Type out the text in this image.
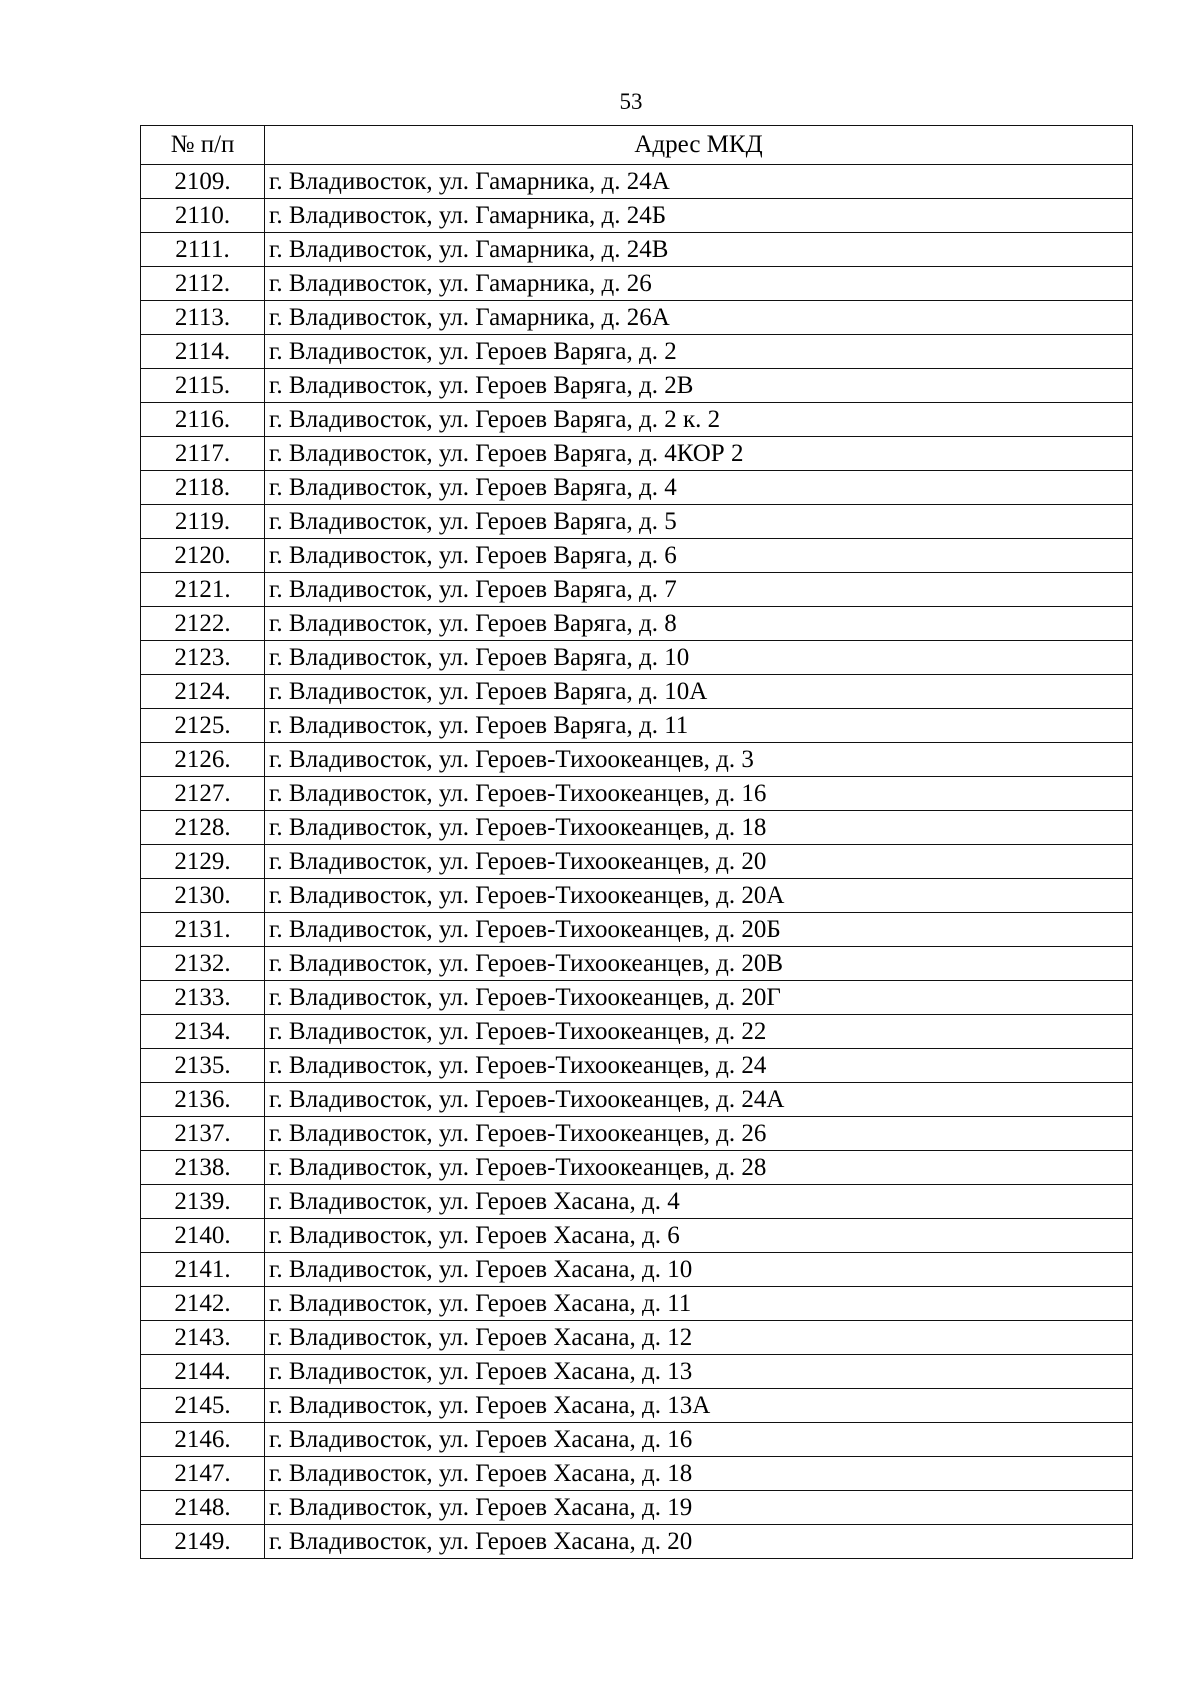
53
№ п/п	Адрес МКД
2109.	г. Владивосток, ул. Гамарника, д. 24А
2110.	г. Владивосток, ул. Гамарника, д. 24Б
2111.	г. Владивосток, ул. Гамарника, д. 24В
2112.	г. Владивосток, ул. Гамарника, д. 26
2113.	г. Владивосток, ул. Гамарника, д. 26А
2114.	г. Владивосток, ул. Героев Варяга, д. 2
2115.	г. Владивосток, ул. Героев Варяга, д. 2В
2116.	г. Владивосток, ул. Героев Варяга, д. 2 к. 2
2117.	г. Владивосток, ул. Героев Варяга, д. 4КОР 2
2118.	г. Владивосток, ул. Героев Варяга, д. 4
2119.	г. Владивосток, ул. Героев Варяга, д. 5
2120.	г. Владивосток, ул. Героев Варяга, д. 6
2121.	г. Владивосток, ул. Героев Варяга, д. 7
2122.	г. Владивосток, ул. Героев Варяга, д. 8
2123.	г. Владивосток, ул. Героев Варяга, д. 10
2124.	г. Владивосток, ул. Героев Варяга, д. 10А
2125.	г. Владивосток, ул. Героев Варяга, д. 11
2126.	г. Владивосток, ул. Героев-Тихоокеанцев, д. 3
2127.	г. Владивосток, ул. Героев-Тихоокеанцев, д. 16
2128.	г. Владивосток, ул. Героев-Тихоокеанцев, д. 18
2129.	г. Владивосток, ул. Героев-Тихоокеанцев, д. 20
2130.	г. Владивосток, ул. Героев-Тихоокеанцев, д. 20А
2131.	г. Владивосток, ул. Героев-Тихоокеанцев, д. 20Б
2132.	г. Владивосток, ул. Героев-Тихоокеанцев, д. 20В
2133.	г. Владивосток, ул. Героев-Тихоокеанцев, д. 20Г
2134.	г. Владивосток, ул. Героев-Тихоокеанцев, д. 22
2135.	г. Владивосток, ул. Героев-Тихоокеанцев, д. 24
2136.	г. Владивосток, ул. Героев-Тихоокеанцев, д. 24А
2137.	г. Владивосток, ул. Героев-Тихоокеанцев, д. 26
2138.	г. Владивосток, ул. Героев-Тихоокеанцев, д. 28
2139.	г. Владивосток, ул. Героев Хасана, д. 4
2140.	г. Владивосток, ул. Героев Хасана, д. 6
2141.	г. Владивосток, ул. Героев Хасана, д. 10
2142.	г. Владивосток, ул. Героев Хасана, д. 11
2143.	г. Владивосток, ул. Героев Хасана, д. 12
2144.	г. Владивосток, ул. Героев Хасана, д. 13
2145.	г. Владивосток, ул. Героев Хасана, д. 13А
2146.	г. Владивосток, ул. Героев Хасана, д. 16
2147.	г. Владивосток, ул. Героев Хасана, д. 18
2148.	г. Владивосток, ул. Героев Хасана, д. 19
2149.	г. Владивосток, ул. Героев Хасана, д. 20
